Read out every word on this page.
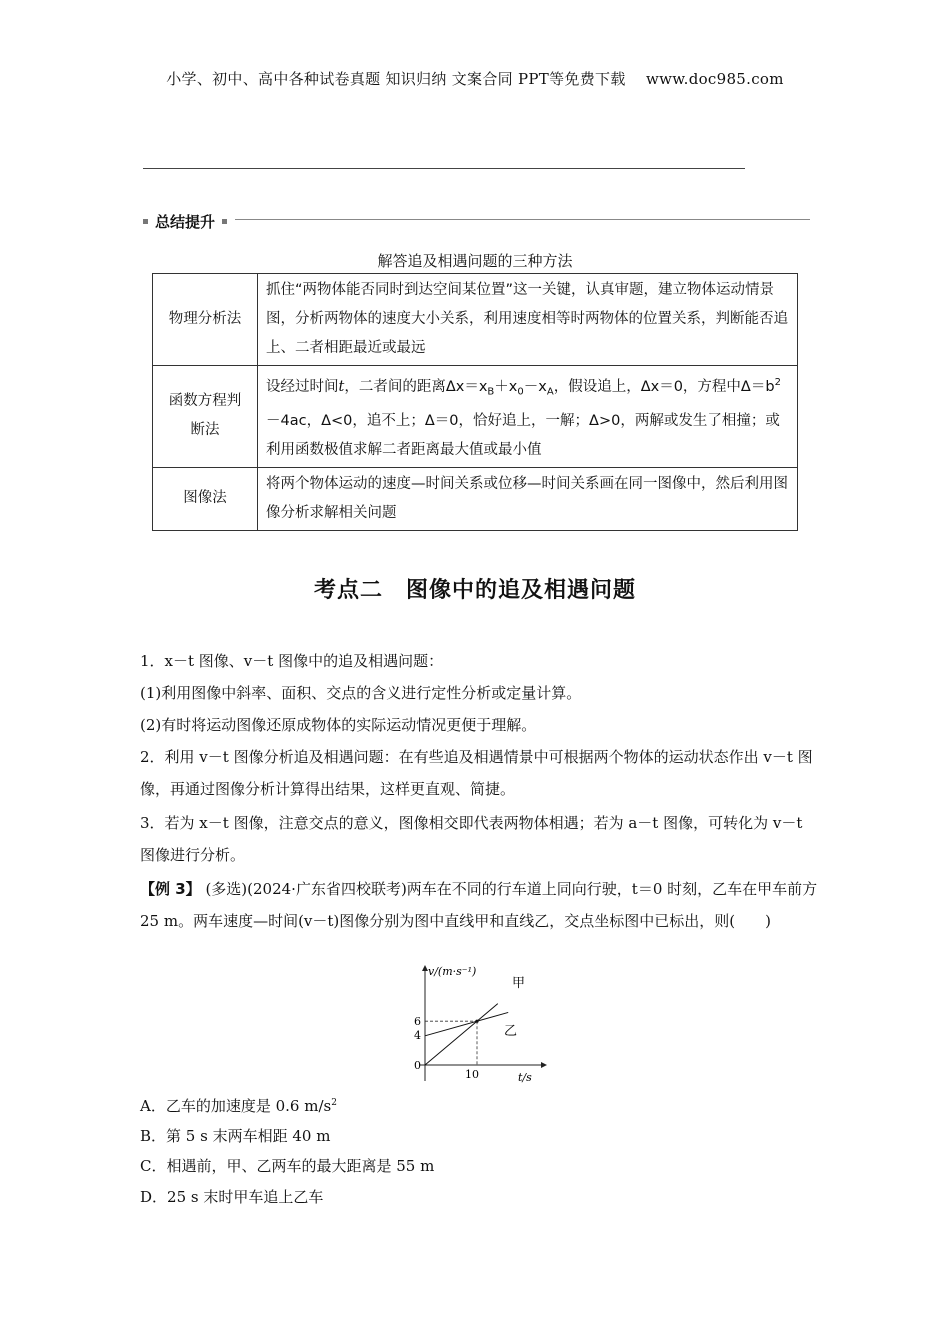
小学、初中、高中各种试卷真题 知识归纳 文案合同 PPT等免费下载　 www.doc985.com
总结提升
解答追及相遇问题的三种方法
物理分析法	抓住“两物体能否同时到达空间某位置”这一关键，认真审题，建立物体运动情景图，分析两物体的速度大小关系，利用速度相等时两物体的位置关系，判断能否追上、二者相距最近或最远
函数方程判断法	设经过时间t，二者间的距离$\Delta x=x_B+x_0-x_A$，假设追上，Δx＝0，方程中$\Delta=b^2-4ac$，Δ<0，追不上；Δ＝0，恰好追上，一解；Δ>0，两解或发生了相撞；或利用函数极值求解二者距离最大值或最小值
图像法	将两个物体运动的速度—时间关系或位移—时间关系画在同一图像中，然后利用图像分析求解相关问题
考点二　图像中的追及相遇问题
1．x－t 图像、v－t 图像中的追及相遇问题：
(1)利用图像中斜率、面积、交点的含义进行定性分析或定量计算。
(2)有时将运动图像还原成物体的实际运动情况更便于理解。
2．利用 v－t 图像分析追及相遇问题：在有些追及相遇情景中可根据两个物体的运动状态作出 v－t 图像，再通过图像分析计算得出结果，这样更直观、简捷。
3．若为 x－t 图像，注意交点的意义，图像相交即代表两物体相遇；若为 a－t 图像，可转化为 v－t 图像进行分析。
【例 3】 (多选)(2024·广东省四校联考)两车在不同的行车道上同向行驶，t＝0 时刻，乙车在甲车前方 25 m。两车速度—时间(v－t)图像分别为图中直线甲和直线乙，交点坐标图中已标出，则(　　)
v/(m·s⁻¹)
t/s
0
10
4
6
甲
乙
A．乙车的加速度是 0.6 $m/s^2$
B．第 5 s 末两车相距 40 m
C．相遇前，甲、乙两车的最大距离是 55 m
D．25 s 末时甲车追上乙车
